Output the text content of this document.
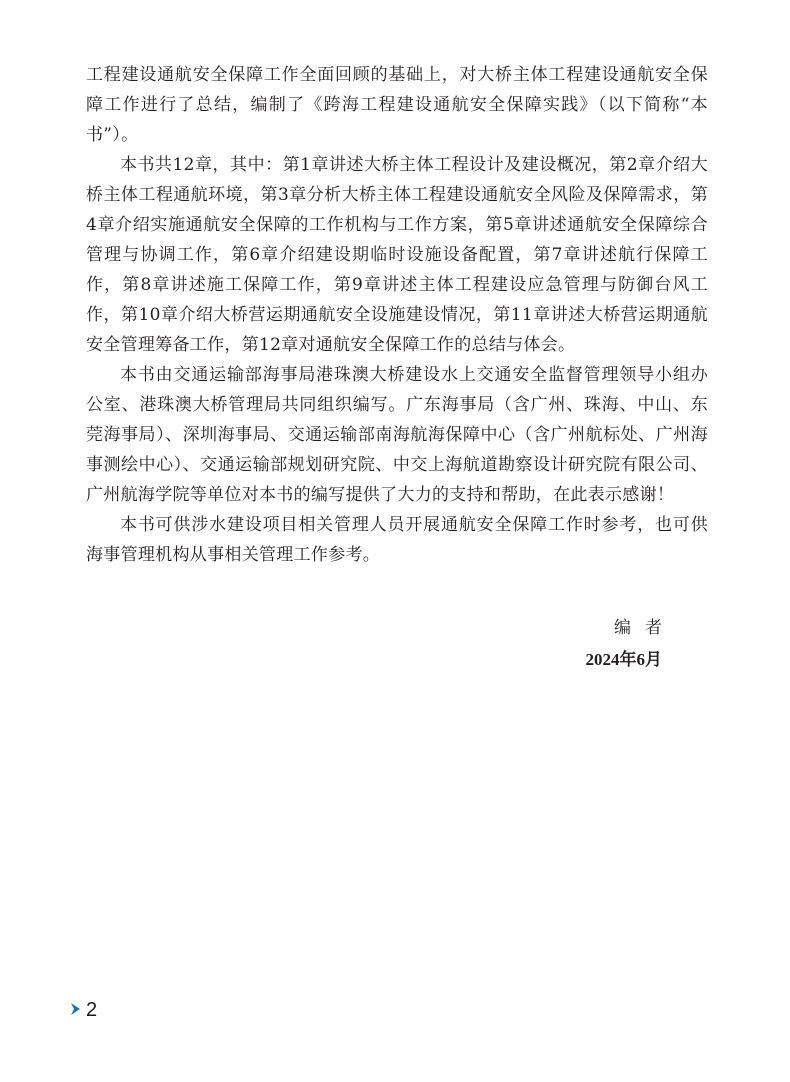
工程建设通航安全保障工作全面回顾的基础上，对大桥主体工程建设通航安全保障工作进行了总结，编制了《跨海工程建设通航安全保障实践》（以下简称“本书”）。

本书共12章，其中：第1章讲述大桥主体工程设计及建设概况，第2章介绍大桥主体工程通航环境，第3章分析大桥主体工程建设通航安全风险及保障需求，第4章介绍实施通航安全保障的工作机构与工作方案，第5章讲述通航安全保障综合管理与协调工作，第6章介绍建设期临时设施设备配置，第7章讲述航行保障工作，第8章讲述施工保障工作，第9章讲述主体工程建设应急管理与防御台风工作，第10章介绍大桥营运期通航安全设施建设情况，第11章讲述大桥营运期通航安全管理筹备工作，第12章对通航安全保障工作的总结与体会。

本书由交通运输部海事局港珠澳大桥建设水上交通安全监督管理领导小组办公室、港珠澳大桥管理局共同组织编写。广东海事局（含广州、珠海、中山、东莞海事局）、深圳海事局、交通运输部南海航海保障中心（含广州航标处、广州海事测绘中心）、交通运输部规划研究院、中交上海航道勘察设计研究院有限公司、广州航海学院等单位对本书的编写提供了大力的支持和帮助，在此表示感谢！

本书可供涉水建设项目相关管理人员开展通航安全保障工作时参考，也可供海事管理机构从事相关管理工作参考。

编者
2024年6月
2
